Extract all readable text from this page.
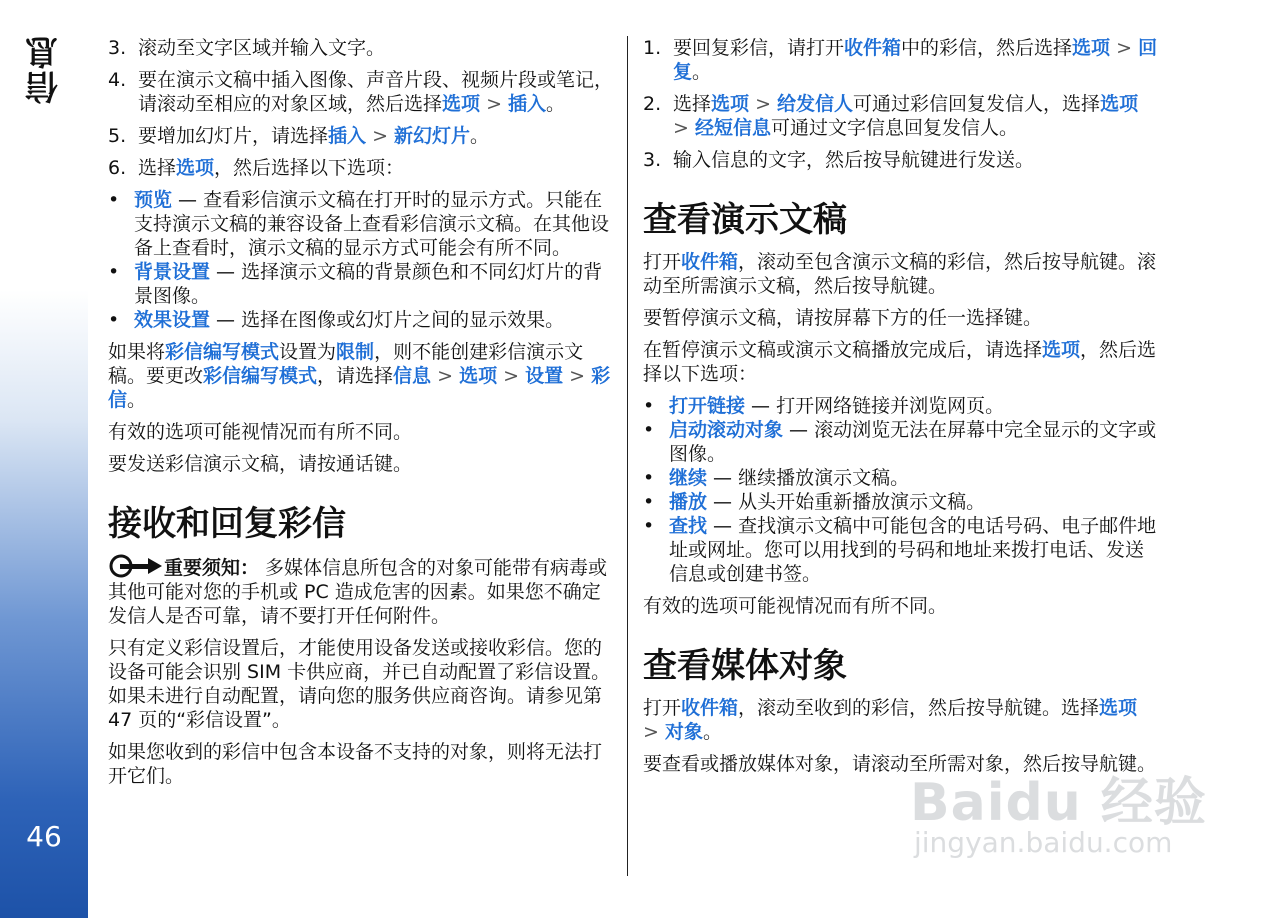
信息
46
3. 滚动至文字区域并输入文字。
4. 要在演示文稿中插入图像、声音片段、视频片段或笔记，请滚动至相应的对象区域，然后选择选项 > 插入。
5. 要增加幻灯片，请选择插入 > 新幻灯片。
6. 选择选项，然后选择以下选项：
• 预览 — 查看彩信演示文稿在打开时的显示方式。只能在支持演示文稿的兼容设备上查看彩信演示文稿。在其他设备上查看时，演示文稿的显示方式可能会有所不同。
• 背景设置 — 选择演示文稿的背景颜色和不同幻灯片的背景图像。
• 效果设置 — 选择在图像或幻灯片之间的显示效果。

如果将彩信编写模式设置为限制，则不能创建彩信演示文稿。要更改彩信编写模式，请选择信息 > 选项 > 设置 > 彩信。

有效的选项可能视情况而有所不同。

要发送彩信演示文稿，请按通话键。

接收和回复彩信

重要须知： 多媒体信息所包含的对象可能带有病毒或其他可能对您的手机或 PC 造成危害的因素。如果您不确定发信人是否可靠，请不要打开任何附件。

只有定义彩信设置后，才能使用设备发送或接收彩信。您的设备可能会识别 SIM 卡供应商，并已自动配置了彩信设置。如果未进行自动配置，请向您的服务供应商咨询。请参见第 47 页的“彩信设置”。

如果您收到的彩信中包含本设备不支持的对象，则将无法打开它们。

1. 要回复彩信，请打开收件箱中的彩信，然后选择选项 > 回复。
2. 选择选项 > 给发信人可通过彩信回复发信人，选择选项 > 经短信息可通过文字信息回复发信人。
3. 输入信息的文字，然后按导航键进行发送。
查看演示文稿

打开收件箱，滚动至包含演示文稿的彩信，然后按导航键。滚动至所需演示文稿，然后按导航键。

要暂停演示文稿，请按屏幕下方的任一选择键。

在暂停演示文稿或演示文稿播放完成后，请选择选项，然后选择以下选项：

• 打开链接 — 打开网络链接并浏览网页。
• 启动滚动对象 — 滚动浏览无法在屏幕中完全显示的文字或图像。
• 继续 — 继续播放演示文稿。
• 播放 — 从头开始重新播放演示文稿。
• 查找 — 查找演示文稿中可能包含的电话号码、电子邮件地址或网址。您可以用找到的号码和地址来拨打电话、发送信息或创建书签。

有效的选项可能视情况而有所不同。

查看媒体对象

打开收件箱，滚动至收到的彩信，然后按导航键。选择选项 > 对象。

要查看或播放媒体对象，请滚动至所需对象，然后按导航键。

Baidu 经验
jingyan.baidu.com
